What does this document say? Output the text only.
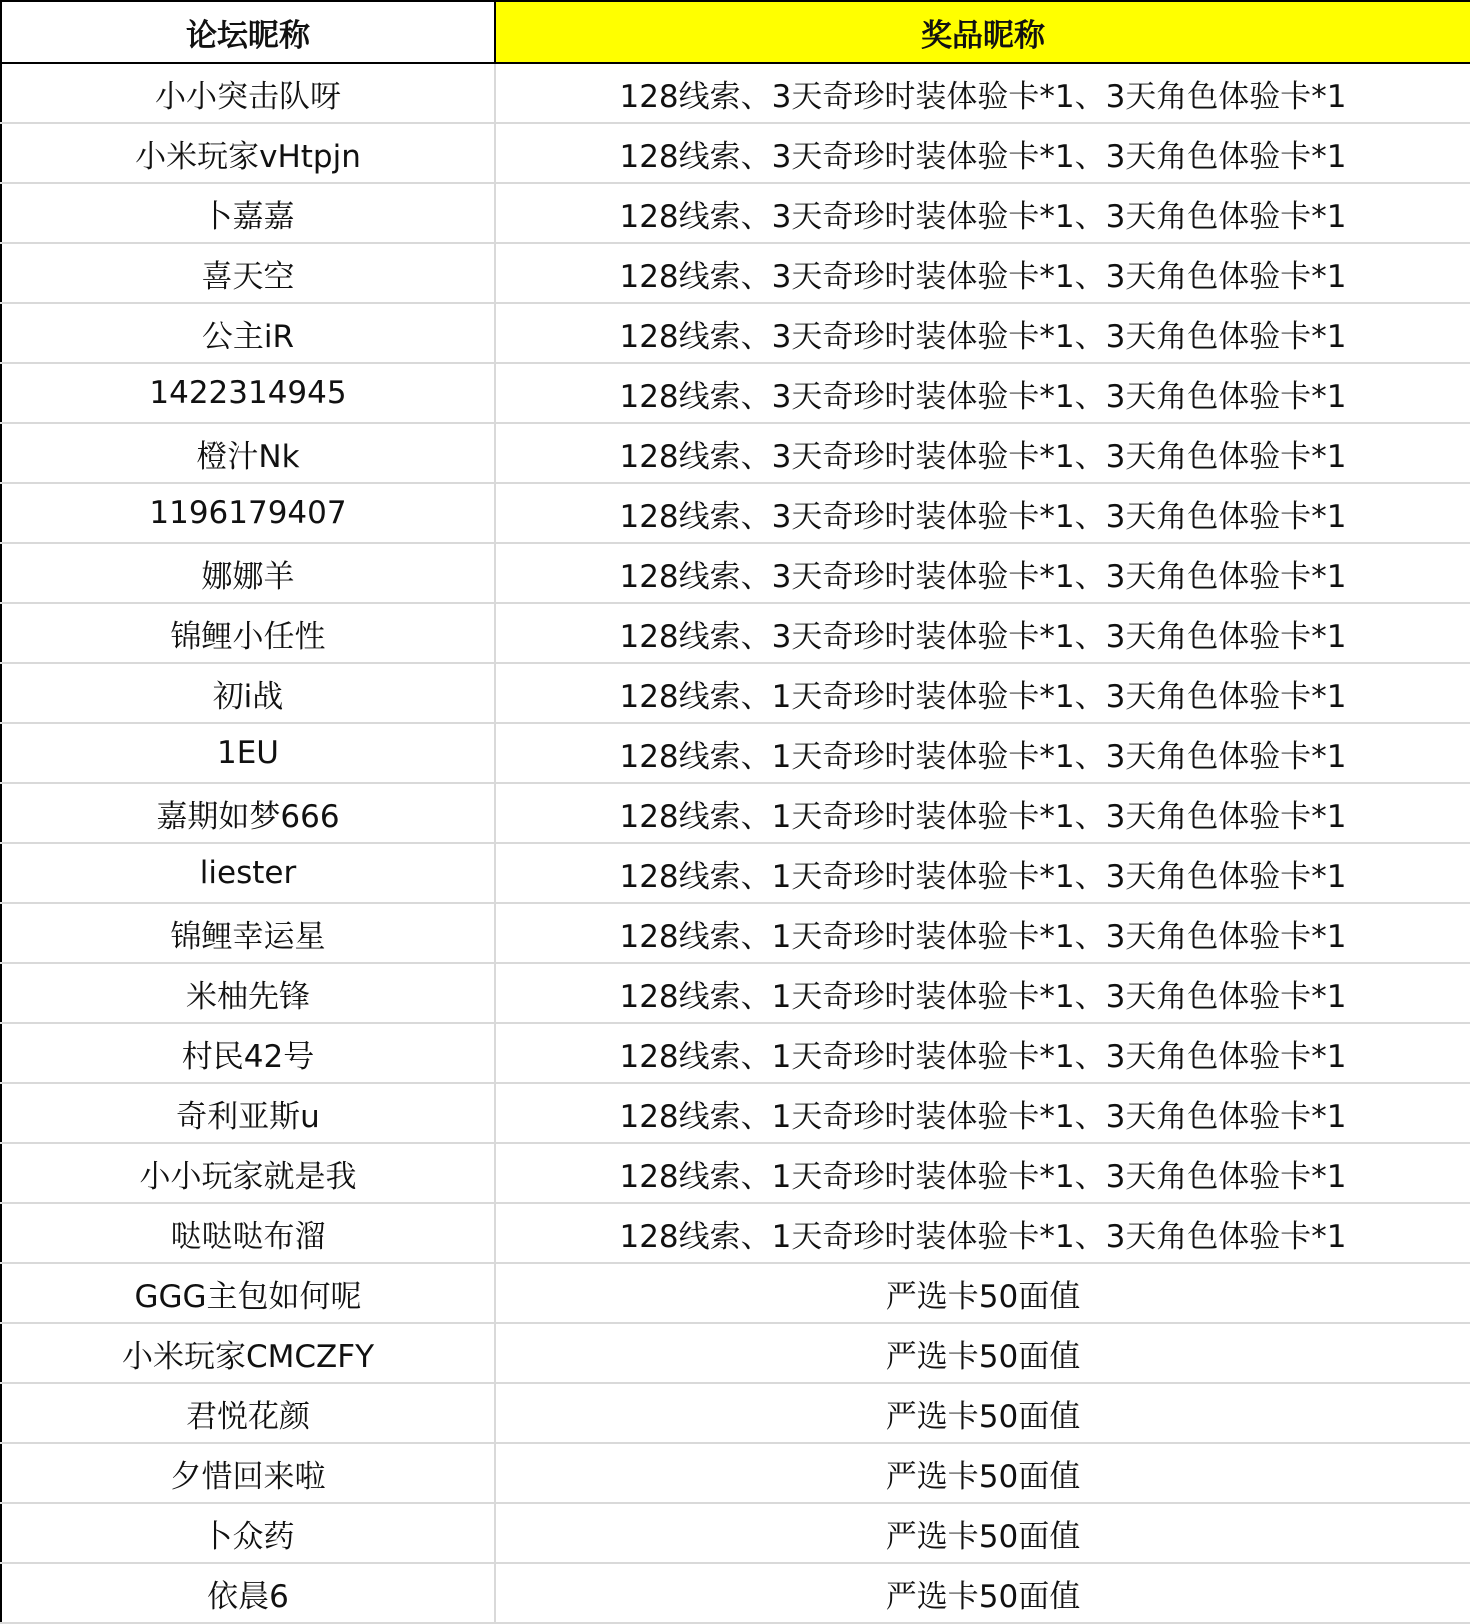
论坛昵称	奖品昵称
小小突击队呀	128线索、3天奇珍时装体验卡*1、3天角色体验卡*1
小米玩家vHtpjn	128线索、3天奇珍时装体验卡*1、3天角色体验卡*1
卜嘉嘉	128线索、3天奇珍时装体验卡*1、3天角色体验卡*1
喜天空	128线索、3天奇珍时装体验卡*1、3天角色体验卡*1
公主iR	128线索、3天奇珍时装体验卡*1、3天角色体验卡*1
1422314945	128线索、3天奇珍时装体验卡*1、3天角色体验卡*1
橙汁Nk	128线索、3天奇珍时装体验卡*1、3天角色体验卡*1
1196179407	128线索、3天奇珍时装体验卡*1、3天角色体验卡*1
娜娜羊	128线索、3天奇珍时装体验卡*1、3天角色体验卡*1
锦鲤小任性	128线索、3天奇珍时装体验卡*1、3天角色体验卡*1
初i战	128线索、1天奇珍时装体验卡*1、3天角色体验卡*1
1EU	128线索、1天奇珍时装体验卡*1、3天角色体验卡*1
嘉期如梦666	128线索、1天奇珍时装体验卡*1、3天角色体验卡*1
liester	128线索、1天奇珍时装体验卡*1、3天角色体验卡*1
锦鲤幸运星	128线索、1天奇珍时装体验卡*1、3天角色体验卡*1
米柚先锋	128线索、1天奇珍时装体验卡*1、3天角色体验卡*1
村民42号	128线索、1天奇珍时装体验卡*1、3天角色体验卡*1
奇利亚斯u	128线索、1天奇珍时装体验卡*1、3天角色体验卡*1
小小玩家就是我	128线索、1天奇珍时装体验卡*1、3天角色体验卡*1
哒哒哒布溜	128线索、1天奇珍时装体验卡*1、3天角色体验卡*1
GGG主包如何呢	严选卡50面值
小米玩家CMCZFY	严选卡50面值
君悦花颜	严选卡50面值
夕惜回来啦	严选卡50面值
卜众药	严选卡50面值
依晨6	严选卡50面值
